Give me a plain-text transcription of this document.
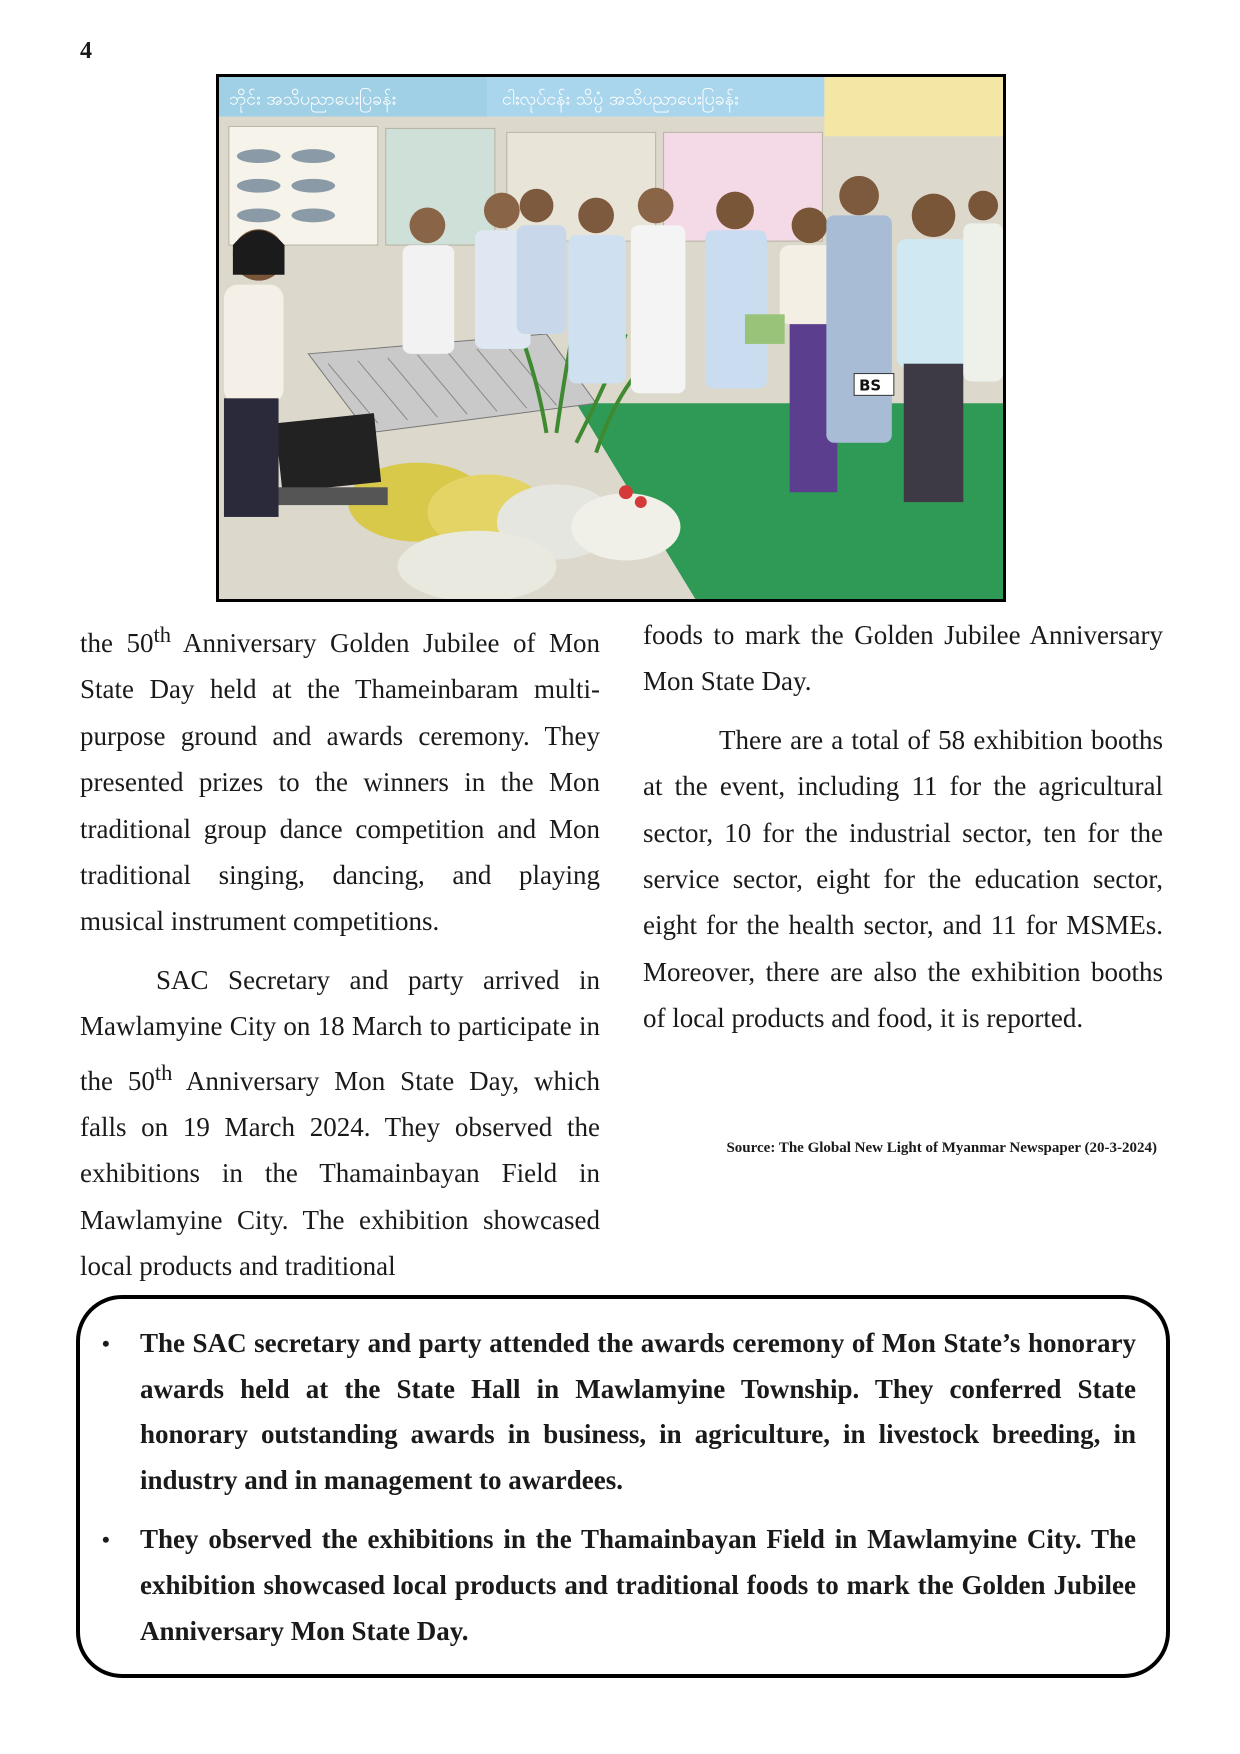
4
ဘိုင်း အသိပညာပေးပြခန်း	ငါးလုပ်ငန်း သိပ္ပံ အသိပညာပေးပြခန်း
BS

the 50th Anniversary Golden Jubilee of Mon State Day held at the Thameinbaram multi-purpose ground and awards ceremony. They presented prizes to the winners in the Mon traditional group dance competition and Mon traditional singing, dancing, and playing musical instrument competitions.

SAC Secretary and party arrived in Mawlamyine City on 18 March to participate in the 50th Anniversary Mon State Day, which falls on 19 March 2024. They observed the exhibitions in the Thamainbayan Field in Mawlamyine City. The exhibition showcased local products and traditional

foods to mark the Golden Jubilee Anniversary Mon State Day.

There are a total of 58 exhibition booths at the event, including 11 for the agricultural sector, 10 for the industrial sector, ten for the service sector, eight for the education sector, eight for the health sector, and 11 for MSMEs. Moreover, there are also the exhibition booths of local products and food, it is reported.

Source: The Global New Light of Myanmar Newspaper (20-3-2024)
• The SAC secretary and party attended the awards ceremony of Mon State’s honorary awards held at the State Hall in Mawlamyine Township. They conferred State honorary outstanding awards in business, in agriculture, in livestock breeding, in industry and in management to awardees.
• They observed the exhibitions in the Thamainbayan Field in Mawlamyine City. The exhibition showcased local products and traditional foods to mark the Golden Jubilee Anniversary Mon State Day.
